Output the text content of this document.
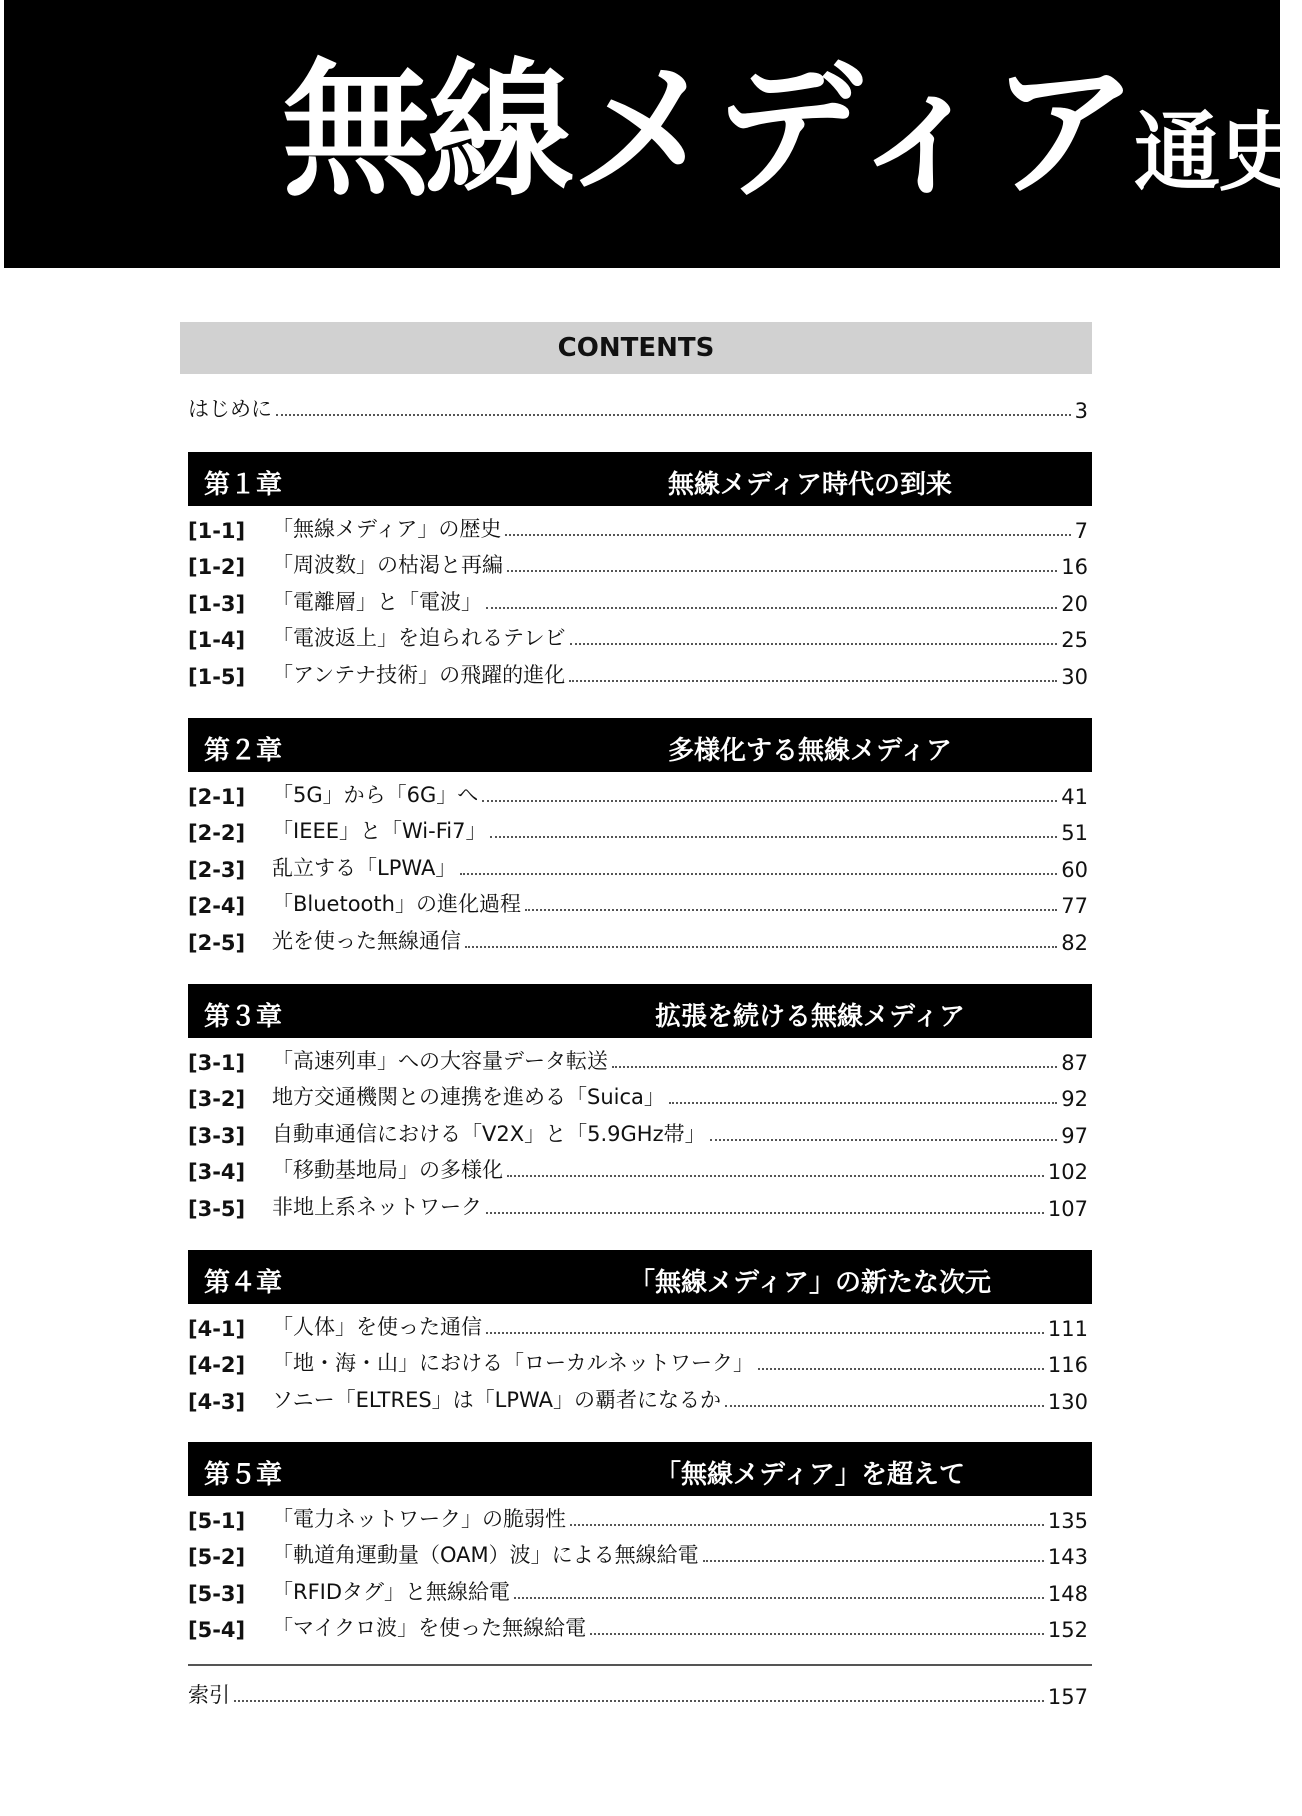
無線メディア通史
CONTENTS
はじめに	3
第１章	無線メディア時代の到来
[1-1]	「無線メディア」の歴史	7
[1-2]	「周波数」の枯渇と再編	16
[1-3]	「電離層」と「電波」	20
[1-4]	「電波返上」を迫られるテレビ	25
[1-5]	「アンテナ技術」の飛躍的進化	30
第２章	多様化する無線メディア
[2-1]	「5G」から「6G」へ	41
[2-2]	「IEEE」と「Wi-Fi7」	51
[2-3]	乱立する「LPWA」	60
[2-4]	「Bluetooth」の進化過程	77
[2-5]	光を使った無線通信	82
第３章	拡張を続ける無線メディア
[3-1]	「高速列車」への大容量データ転送	87
[3-2]	地方交通機関との連携を進める「Suica」	92
[3-3]	自動車通信における「V2X」と「5.9GHz帯」	97
[3-4]	「移動基地局」の多様化	102
[3-5]	非地上系ネットワーク	107
第４章	「無線メディア」の新たな次元
[4-1]	「人体」を使った通信	111
[4-2]	「地・海・山」における「ローカルネットワーク」	116
[4-3]	ソニー「ELTRES」は「LPWA」の覇者になるか	130
第５章	「無線メディア」を超えて
[5-1]	「電力ネットワーク」の脆弱性	135
[5-2]	「軌道角運動量（OAM）波」による無線給電	143
[5-3]	「RFIDタグ」と無線給電	148
[5-4]	「マイクロ波」を使った無線給電	152
索引	157
